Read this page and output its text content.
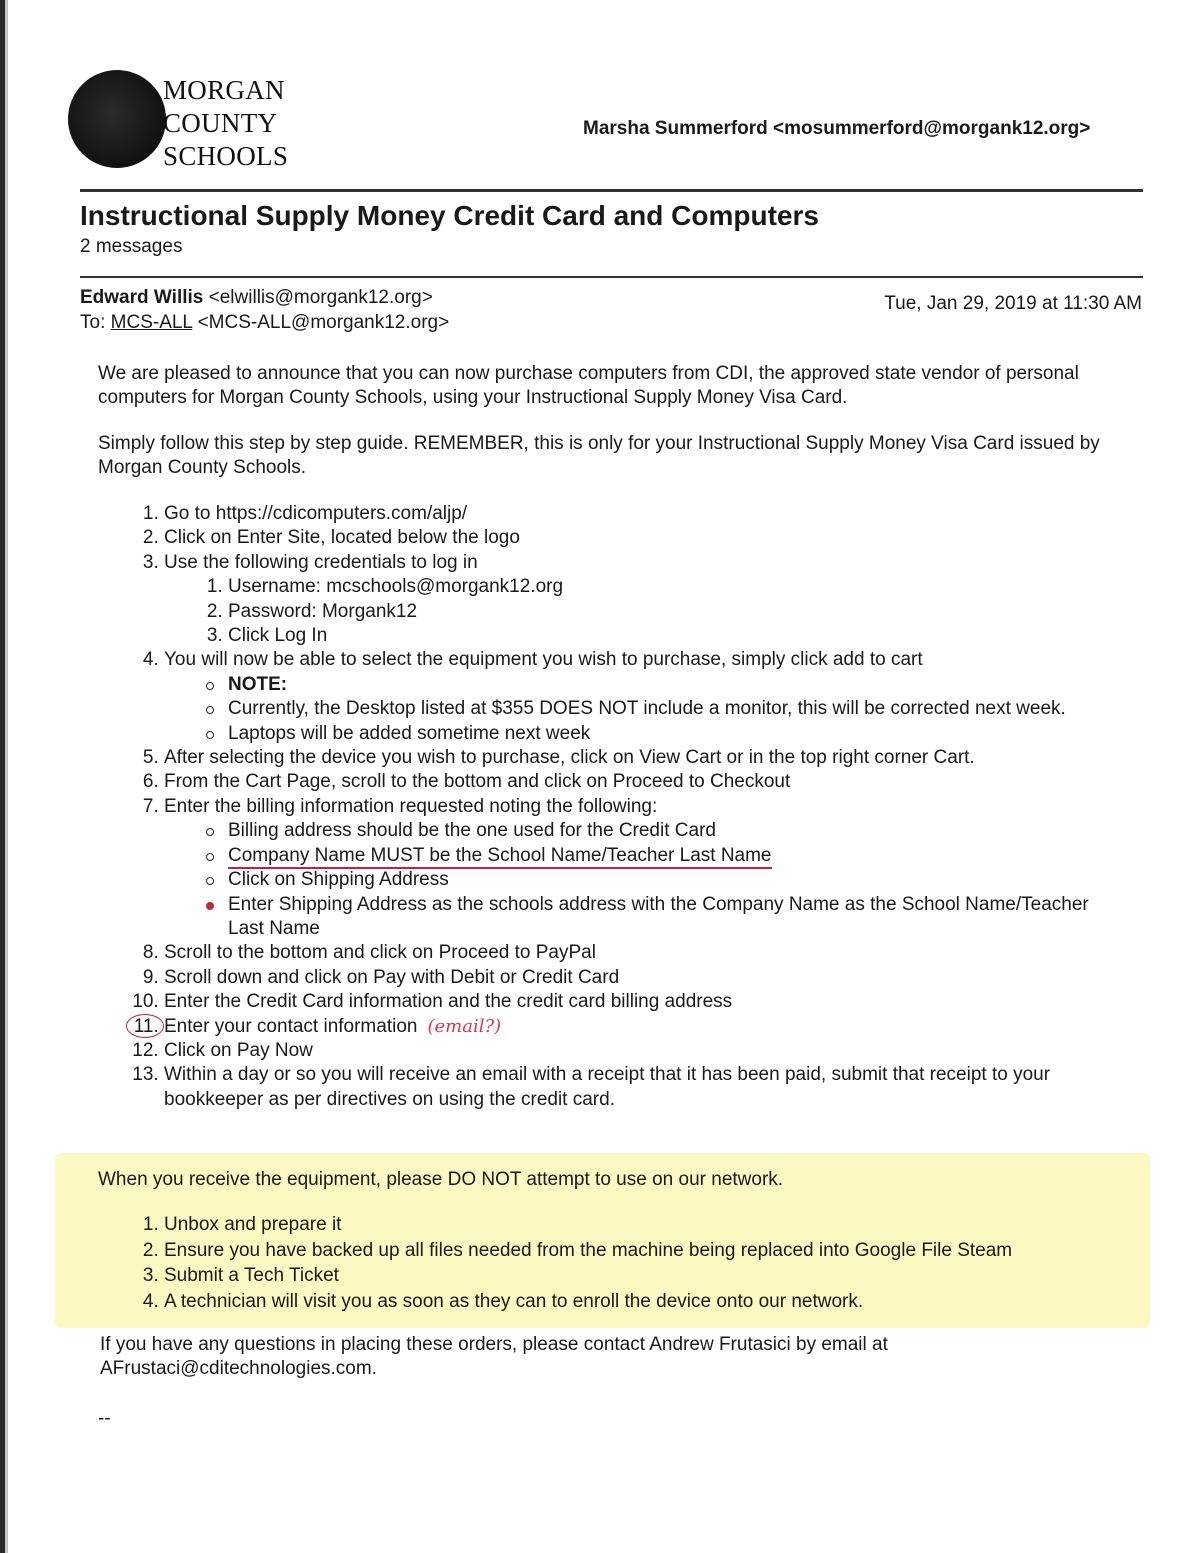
MORGAN
COUNTY
SCHOOLS
Marsha Summerford <mosummerford@morgank12.org>
Instructional Supply Money Credit Card and Computers
2 messages
Edward Willis <elwillis@morgank12.org>
To: MCS-ALL <MCS-ALL@morgank12.org>
Tue, Jan 29, 2019 at 11:30 AM

We are pleased to announce that you can now purchase computers from CDI, the approved state vendor of personal computers for Morgan County Schools, using your Instructional Supply Money Visa Card.

Simply follow this step by step guide. REMEMBER, this is only for your Instructional Supply Money Visa Card issued by Morgan County Schools.

1. Go to https://cdicomputers.com/aljp/
2. Click on Enter Site, located below the logo
3. Use the following credentials to log in
1. Username: mcschools@morgank12.org
2. Password: Morgank12
3. Click Log In
4. You will now be able to select the equipment you wish to purchase, simply click add to cart
NOTE:
Currently, the Desktop listed at $355 DOES NOT include a monitor, this will be corrected next week.
Laptops will be added sometime next week
5. After selecting the device you wish to purchase, click on View Cart or in the top right corner Cart.
6. From the Cart Page, scroll to the bottom and click on Proceed to Checkout
7. Enter the billing information requested noting the following:
Billing address should be the one used for the Credit Card
Company Name MUST be the School Name/Teacher Last Name
Click on Shipping Address
Enter Shipping Address as the schools address with the Company Name as the School Name/Teacher Last Name
8. Scroll to the bottom and click on Proceed to PayPal
9. Scroll down and click on Pay with Debit or Credit Card
10. Enter the Credit Card information and the credit card billing address
11. Enter your contact information (email?)
12. Click on Pay Now
13. Within a day or so you will receive an email with a receipt that it has been paid, submit that receipt to your bookkeeper as per directives on using the credit card.

When you receive the equipment, please DO NOT attempt to use on our network.

1. Unbox and prepare it
2. Ensure you have backed up all files needed from the machine being replaced into Google File Steam
3. Submit a Tech Ticket
4. A technician will visit you as soon as they can to enroll the device onto our network.
If you have any questions in placing these orders, please contact Andrew Frutasici by email at AFrustaci@cditechnologies.com.
--
